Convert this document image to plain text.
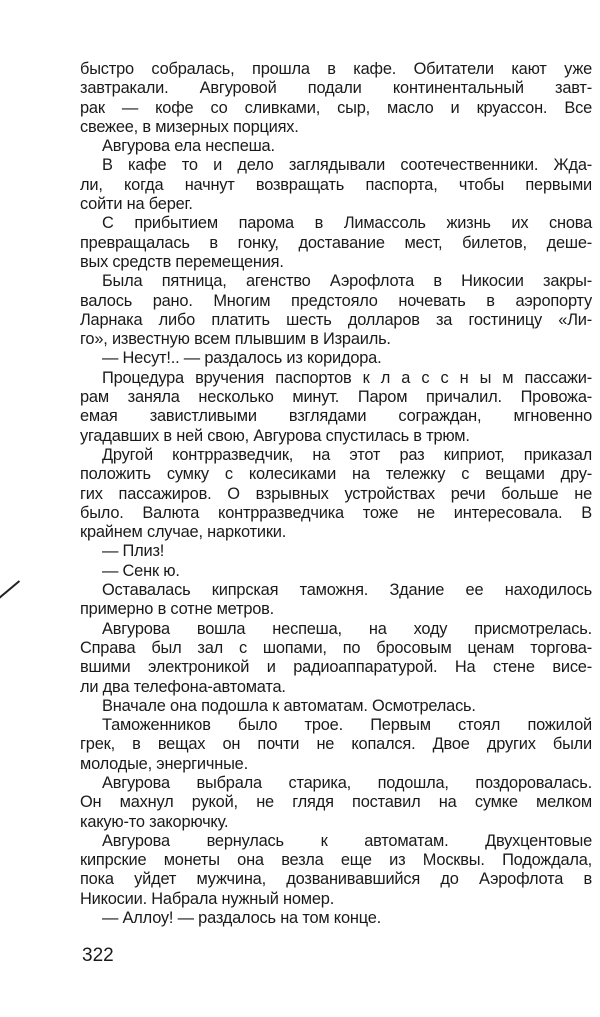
быстро собралась, прошла в кафе. Обитатели кают уже
завтракали. Авгуровой подали континентальный завт-
рак — кофе со сливками, сыр, масло и круассон. Все
свежее, в мизерных порциях.
Авгурова ела неспеша.
В кафе то и дело заглядывали соотечественники. Жда-
ли, когда начнут возвращать паспорта, чтобы первыми
сойти на берег.
С прибытием парома в Лимассоль жизнь их снова
превращалась в гонку, доставание мест, билетов, деше-
вых средств перемещения.
Была пятница, агенство Аэрофлота в Никосии закры-
валось рано. Многим предстояло ночевать в аэропорту
Ларнака либо платить шесть долларов за гостиницу «Ли-
го», известную всем плывшим в Израиль.
— Несут!.. — раздалось из коридора.
Процедура вручения паспортов к л а с с н ы м пассажи-
рам заняла несколько минут. Паром причалил. Провожа-
емая завистливыми взглядами сограждан, мгновенно
угадавших в ней свою, Авгурова спустилась в трюм.
Другой контрразведчик, на этот раз киприот, приказал
положить сумку с колесиками на тележку с вещами дру-
гих пассажиров. О взрывных устройствах речи больше не
было. Валюта контрразведчика тоже не интересовала. В
крайнем случае, наркотики.
— Плиз!
— Сенк ю.
Оставалась кипрская таможня. Здание ее находилось
примерно в сотне метров.
Авгурова вошла неспеша, на ходу присмотрелась.
Справа был зал с шопами, по бросовым ценам торгова-
вшими электроникой и радиоаппаратурой. На стене висе-
ли два телефона-автомата.
Вначале она подошла к автоматам. Осмотрелась.
Таможенников было трое. Первым стоял пожилой
грек, в вещах он почти не копался. Двое других были
молодые, энергичные.
Авгурова выбрала старика, подошла, поздоровалась.
Он махнул рукой, не глядя поставил на сумке мелком
какую-то закорючку.
Авгурова вернулась к автоматам. Двухцентовые
кипрские монеты она везла еще из Москвы. Подождала,
пока уйдет мужчина, дозванивавшийся до Аэрофлота в
Никосии. Набрала нужный номер.
— Аллоу! — раздалось на том конце.
322
